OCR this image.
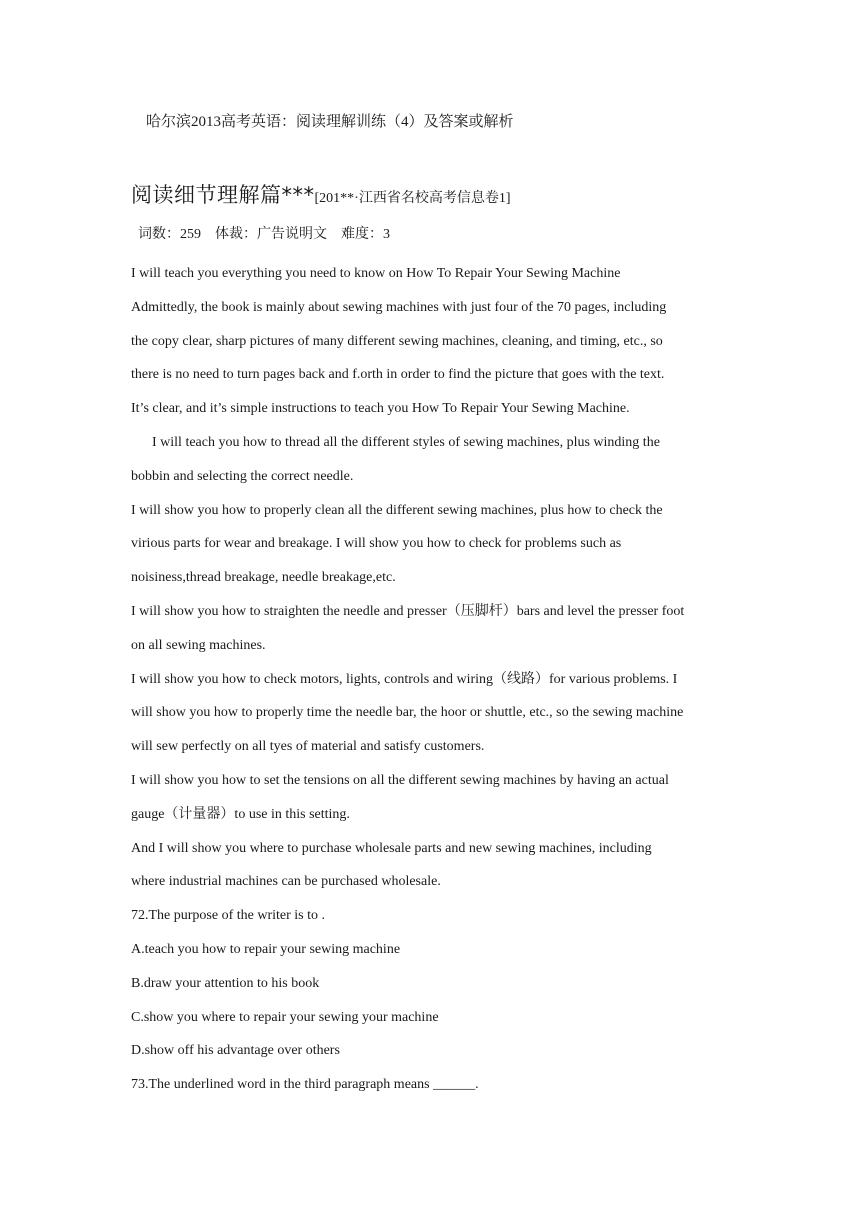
哈尔滨2013高考英语：阅读理解训练（4）及答案或解析
阅读细节理解篇***[201**·江西省名校高考信息卷1]
词数：259　体裁：广告说明文　难度：3
I will teach you everything you need to know on How To Repair Your Sewing Machine
Admittedly, the book is mainly about sewing machines with just four of the 70 pages, including
the copy clear, sharp pictures of many different sewing machines, cleaning, and timing, etc., so
there is no need to turn pages back and f.orth in order to find the picture that goes with the text.
It’s clear, and it’s simple instructions to teach you How To Repair Your Sewing Machine.
I will teach you how to thread all the different styles of sewing machines, plus winding the
bobbin and selecting the correct needle.
I will show you how to properly clean all the different sewing machines, plus how to check the
virious parts for wear and breakage. I will show you how to check for problems such as
noisiness,thread breakage, needle breakage,etc.
I will show you how to straighten the needle and presser（压脚杆）bars and level the presser foot
on all sewing machines.
I will show you how to check motors, lights, controls and wiring（线路）for various problems. I
will show you how to properly time the needle bar, the hoor or shuttle, etc., so the sewing machine
will sew perfectly on all tyes of material and satisfy customers.
I will show you how to set the tensions on all the different sewing machines by having an actual
gauge（计量器）to use in this setting.
And I will show you where to purchase wholesale parts and new sewing machines, including
where industrial machines can be purchased wholesale.
72.The purpose of the writer is to .
A.teach you how to repair your sewing machine
B.draw your attention to his book
C.show you where to repair your sewing your machine
D.show off his advantage over others
73.The underlined word in the third paragraph means ______.
